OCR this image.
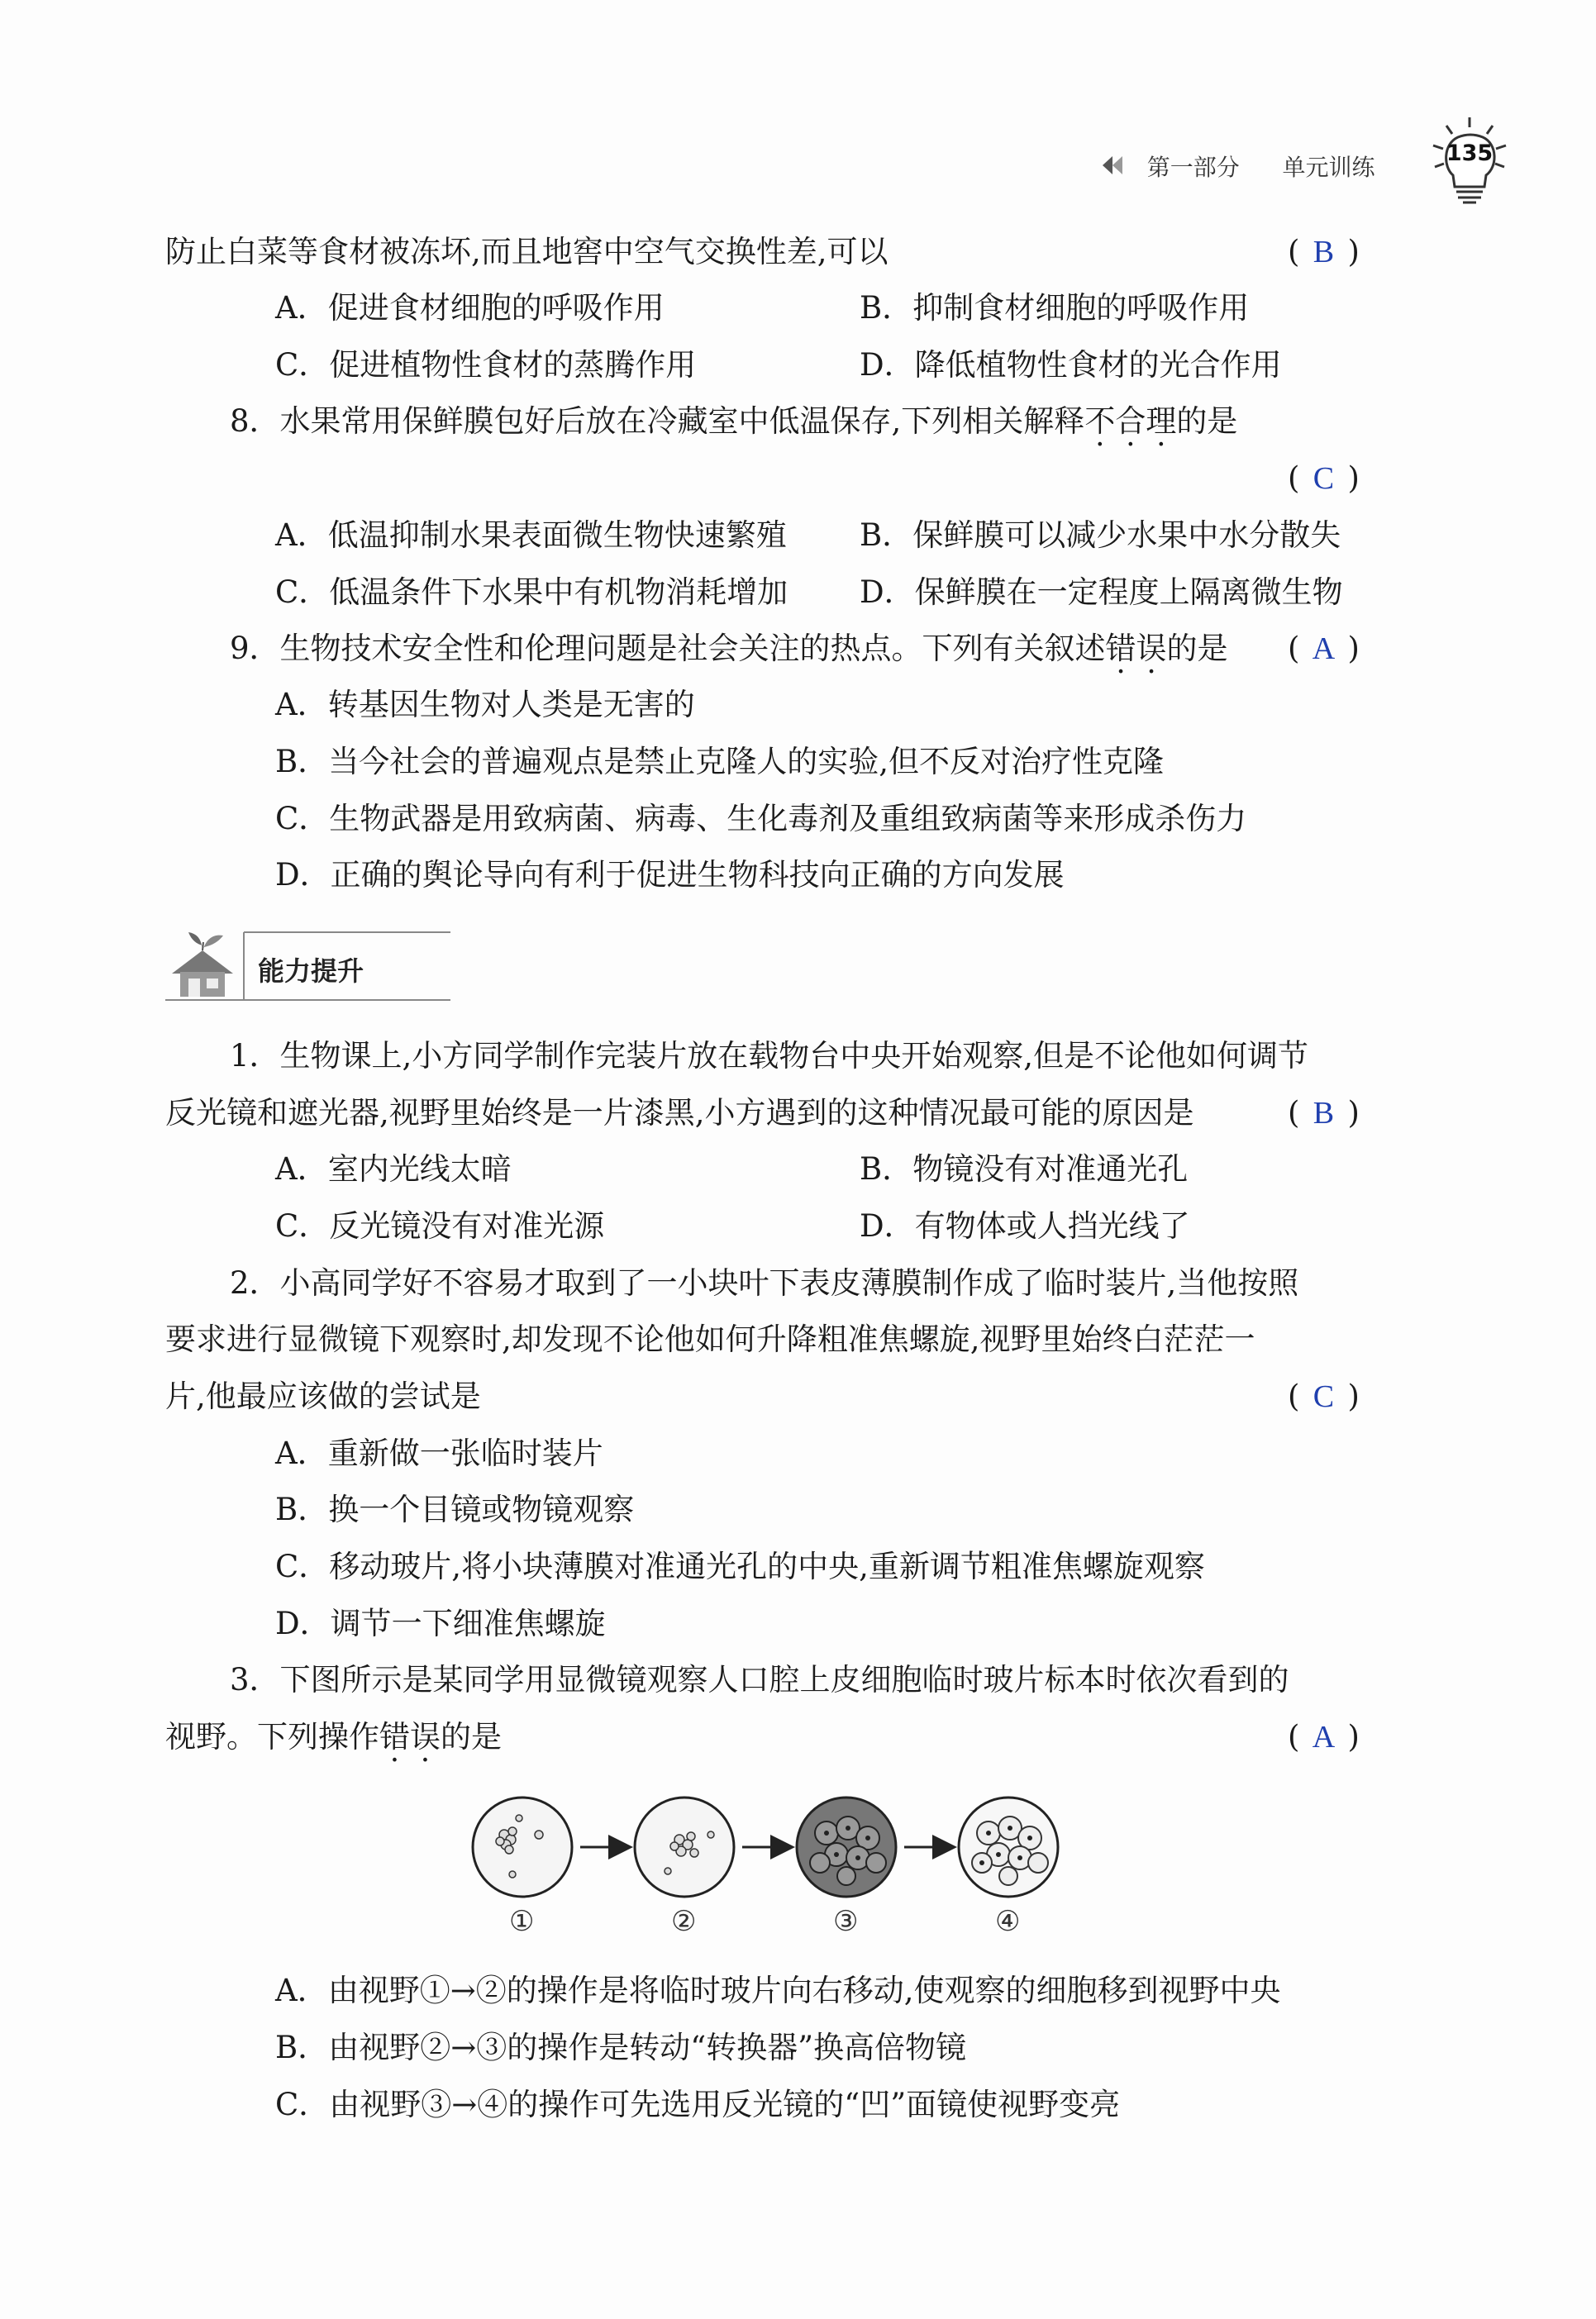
第一部分 单元训练
135
防止白菜等食材被冻坏,而且地窖中空气交换性差,可以	( B )
A．促进食材细胞的呼吸作用	B．抑制食材细胞的呼吸作用
C．促进植物性食材的蒸腾作用	D．降低植物性食材的光合作用
8．水果常用保鲜膜包好后放在冷藏室中低温保存,下列相关解释不合理的是
( C )
A．低温抑制水果表面微生物快速繁殖 B．保鲜膜可以减少水果中水分散失
C．低温条件下水果中有机物消耗增加 D．保鲜膜在一定程度上隔离微生物
9．生物技术安全性和伦理问题是社会关注的热点。下列有关叙述错误的是 ( A )
A．转基因生物对人类是无害的
B．当今社会的普遍观点是禁止克隆人的实验,但不反对治疗性克隆
C．生物武器是用致病菌、病毒、生化毒剂及重组致病菌等来形成杀伤力
D．正确的舆论导向有利于促进生物科技向正确的方向发展
能力提升
1．生物课上,小方同学制作完装片放在载物台中央开始观察,但是不论他如何调节
反光镜和遮光器,视野里始终是一片漆黑,小方遇到的这种情况最可能的原因是	( B )
A．室内光线太暗	B．物镜没有对准通光孔
C．反光镜没有对准光源	D．有物体或人挡光线了
2．小高同学好不容易才取到了一小块叶下表皮薄膜制作成了临时装片,当他按照
要求进行显微镜下观察时,却发现不论他如何升降粗准焦螺旋,视野里始终白茫茫一
片,他最应该做的尝试是	( C )
A．重新做一张临时装片
B．换一个目镜或物镜观察
C．移动玻片,将小块薄膜对准通光孔的中央,重新调节粗准焦螺旋观察
D．调节一下细准焦螺旋
3．下图所示是某同学用显微镜观察人口腔上皮细胞临时玻片标本时依次看到的
视野。下列操作错误的是	( A )
①	②	③	④
A．由视野①→②的操作是将临时玻片向右移动,使观察的细胞移到视野中央
B．由视野②→③的操作是转动“转换器”换高倍物镜
C．由视野③→④的操作可先选用反光镜的“凹”面镜使视野变亮
